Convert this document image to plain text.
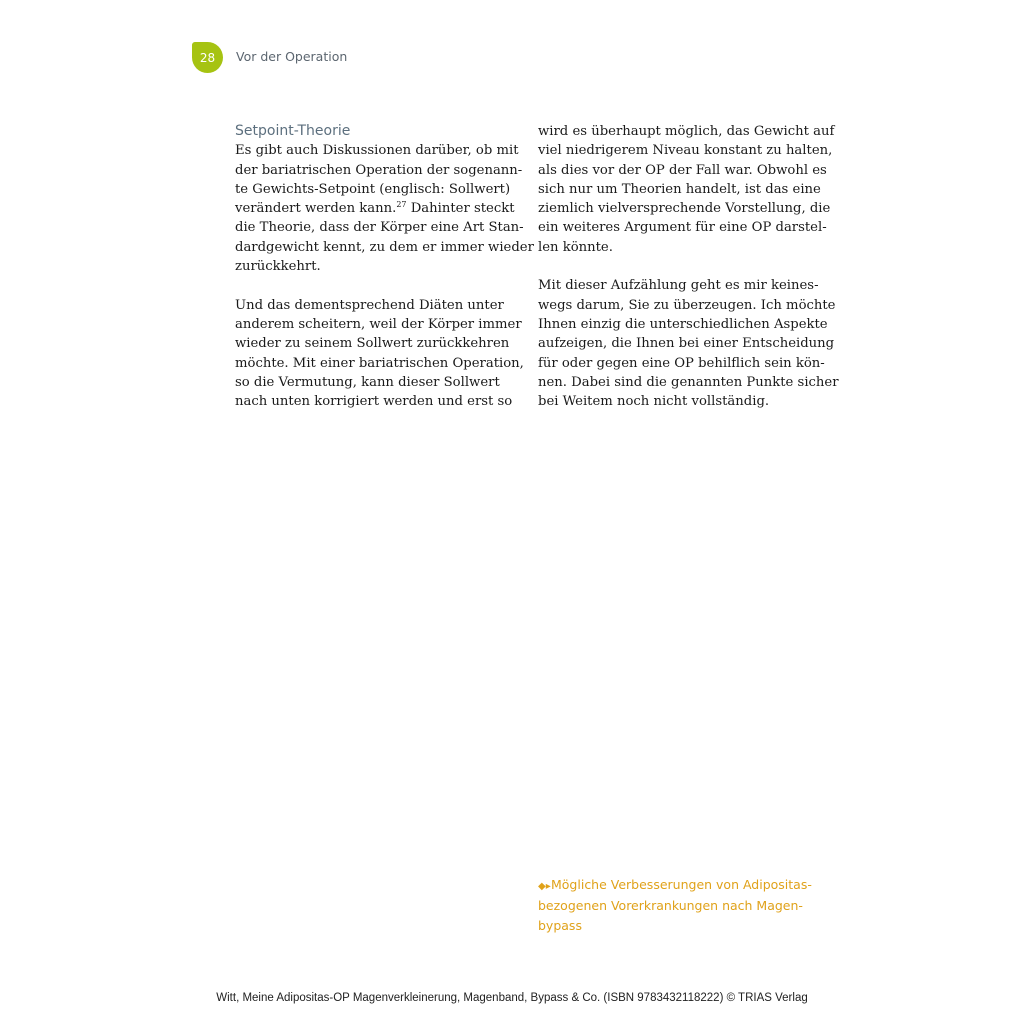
28 Vor der Operation
Setpoint-Theorie

Es gibt auch Diskussionen darüber, ob mit
der bariatrischen Operation der sogenann-
te Gewichts-Setpoint (englisch: Sollwert)
verändert werden kann.$^{27}$ Dahinter steckt
die Theorie, dass der Körper eine Art Stan-
dardgewicht kennt, zu dem er immer wieder
zurückkehrt.

Und das dementsprechend Diäten unter
anderem scheitern, weil der Körper immer
wieder zu seinem Sollwert zurückkehren
möchte. Mit einer bariatrischen Operation,
so die Vermutung, kann dieser Sollwert
nach unten korrigiert werden und erst so

wird es überhaupt möglich, das Gewicht auf
viel niedrigerem Niveau konstant zu halten,
als dies vor der OP der Fall war. Obwohl es
sich nur um Theorien handelt, ist das eine
ziemlich vielversprechende Vorstellung, die
ein weiteres Argument für eine OP darstel-
len könnte.

Mit dieser Aufzählung geht es mir keines-
wegs darum, Sie zu überzeugen. Ich möchte
Ihnen einzig die unterschiedlichen Aspekte
aufzeigen, die Ihnen bei einer Entscheidung
für oder gegen eine OP behilflich sein kön-
nen. Dabei sind die genannten Punkte sicher
bei Weitem noch nicht vollständig.

◆▸Mögliche Verbesserungen von Adipositas-
bezogenen Vorerkrankungen nach Magen-
bypass
Witt, Meine Adipositas-OP Magenverkleinerung, Magenband, Bypass & Co. (ISBN 9783432118222) © TRIAS Verlag
